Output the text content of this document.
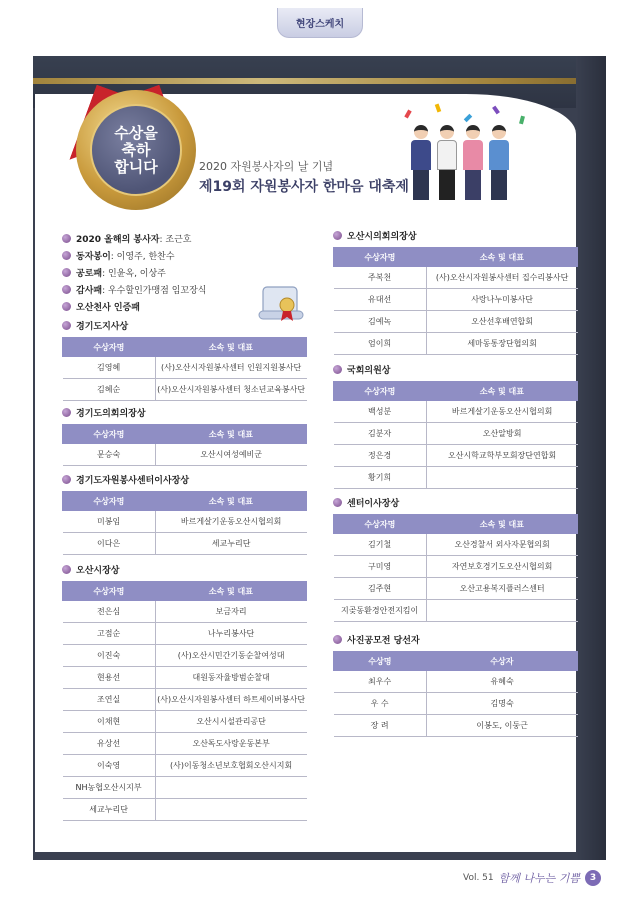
현장스케치
수상을
축하
합니다	2020 자원봉사자의 날 기념
제19회 자원봉사자 한마음 대축제
2020 올해의 봉사자 : 조근호
동자봉이 : 이영주, 한찬수
공로패 : 인윤옥, 이상주
감사패 : 우수할인가맹점 임꼬장식
오산천사 인증패
경기도지사상
수상자명	소속 및 대표
김영혜	(사)오산시자원봉사센터 인원지원봉사단
김혜순	(사)오산시자원봉사센터 청소년교육봉사단
경기도의회의장상
수상자명	소속 및 대표
문승숙	오산시여성예비군
경기도자원봉사센터이사장상
수상자명	소속 및 대표
미봉임	바르게살기운동오산시협의회
이다은	세교누리단
오산시장상
수상자명	소속 및 대표
전은심	보금자리
고점순	나누리봉사단
이진숙	(사)오산시민간기동순찰여성대
현용선	대원동자율방범순찰대
조연실	(사)오산시자원봉사센터 하트세이버봉사단
이채현	오산시시설관리공단
유상선	오산독도사랑운동본부
이숙영	(사)이동청소년보호협회오산시지회
NH농협오산시지부	
세교누리단	
오산시의회의장상
수상자명	소속 및 대표
주복천	(사)오산시자원봉사센터 집수리봉사단
유대선	사랑나누미봉사단
김예녹	오산선후배연합회
엄이희	세마동통장단협의회
국회의원상
수상자명	소속 및 대표
백성분	바르게살기운동오산시협의회
김분자	오산알방회
정은경	오산시학교학부모회장단연합회
황기희	
센터이사장상
수상자명	소속 및 대표
김기철	오산경찰서 외사자문협의회
구미영	자연보호경기도오산시협의회
김주현	오산고용복지플러스센터
지곶동환경안전지킴이	
사진공모전 당선자
수상명	수상자
최우수	유혜숙
우 수	김명숙
장 려	이봉도, 이둥근
Vol. 51 함께 나누는 기쁨	3
